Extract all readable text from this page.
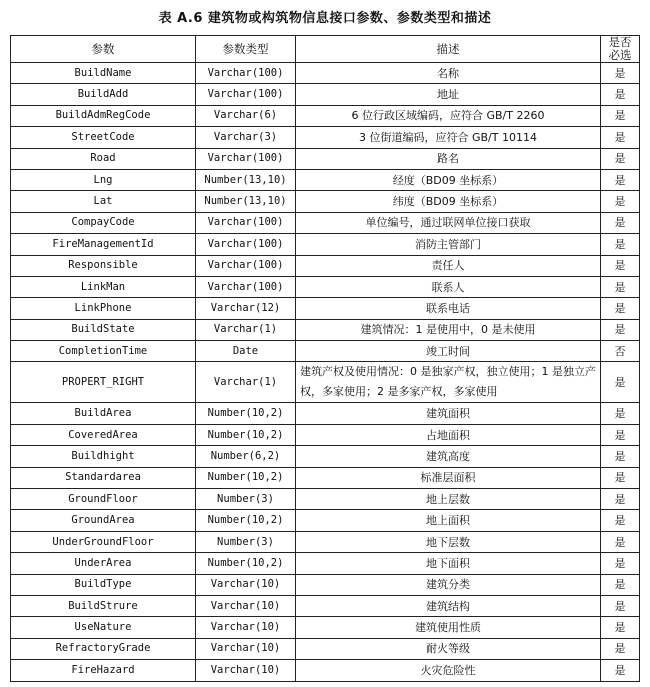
表 A.6 建筑物或构筑物信息接口参数、参数类型和描述
参数	参数类型	描述	是否必选
BuildName	Varchar(100)	名称	是
BuildAdd	Varchar(100)	地址	是
BuildAdmRegCode	Varchar(6)	6 位行政区域编码，应符合 GB/T 2260	是
StreetCode	Varchar(3)	3 位街道编码，应符合 GB/T 10114	是
Road	Varchar(100)	路名	是
Lng	Number(13,10)	经度（BD09 坐标系）	是
Lat	Number(13,10)	纬度（BD09 坐标系）	是
CompayCode	Varchar(100)	单位编号，通过联网单位接口获取	是
FireManagementId	Varchar(100)	消防主管部门	是
Responsible	Varchar(100)	责任人	是
LinkMan	Varchar(100)	联系人	是
LinkPhone	Varchar(12)	联系电话	是
BuildState	Varchar(1)	建筑情况：1 是使用中，0 是未使用	是
CompletionTime	Date	竣工时间	否
PROPERT_RIGHT	Varchar(1)	建筑产权及使用情况：0 是独家产权，独立使用；1 是独立产权，多家使用；2 是多家产权，多家使用	是
BuildArea	Number(10,2)	建筑面积	是
CoveredArea	Number(10,2)	占地面积	是
Buildhight	Number(6,2)	建筑高度	是
Standardarea	Number(10,2)	标准层面积	是
GroundFloor	Number(3)	地上层数	是
GroundArea	Number(10,2)	地上面积	是
UnderGroundFloor	Number(3)	地下层数	是
UnderArea	Number(10,2)	地下面积	是
BuildType	Varchar(10)	建筑分类	是
BuildStrure	Varchar(10)	建筑结构	是
UseNature	Varchar(10)	建筑使用性质	是
RefractoryGrade	Varchar(10)	耐火等级	是
FireHazard	Varchar(10)	火灾危险性	是
